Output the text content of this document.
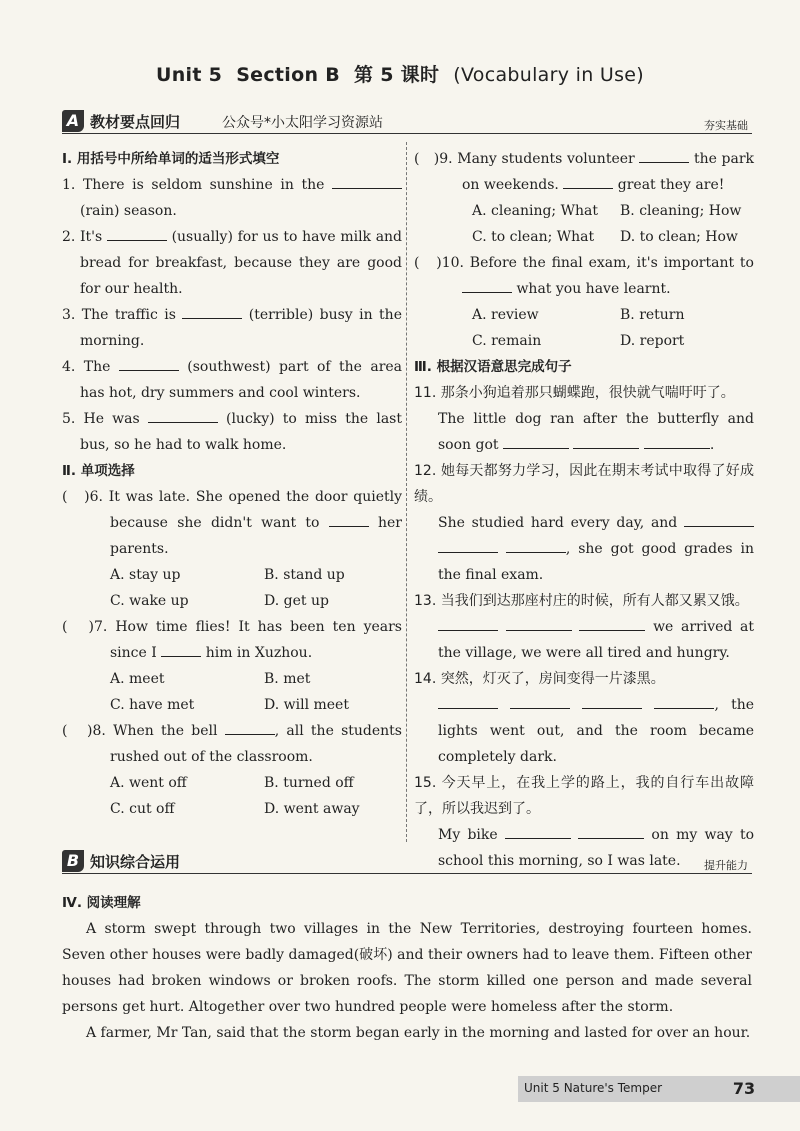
Unit 5 Section B 第 5 课时 (Vocabulary in Use)
A 教材要点回归	公众号*小太阳学习资源站	夯实基础
Ⅰ. 用括号中所给单词的适当形式填空
1. There is seldom sunshine in the  (rain) season.
2. It's	(usually) for us to have milk and bread for breakfast, because they are good for our health.
3. The traffic is	(terrible) busy in the morning.
4. The	(southwest) part of the area has hot, dry summers and cool winters.
5. He was	(lucky) to miss the last bus, so he had to walk home.
Ⅱ. 单项选择
(　)6. It was late. She opened the door quietly because she didn't want to	her parents.
A. stay up	B. stand up
C. wake up	D. get up
(　)7. How time flies! It has been ten years since I	him in Xuzhou.
A. meet	B. met
C. have met	D. will meet
(　)8. When the bell	, all the students rushed out of the classroom.
A. went off	B. turned off
C. cut off	D. went away
(　)9. Many students volunteer	the park on weekends.	great they are!
A. cleaning; What	B. cleaning; How
C. to clean; What	D. to clean; How
(　)10. Before the final exam, it's important to  what you have learnt.
A. review	B. return
C. remain	D. report
Ⅲ. 根据汉语意思完成句子
11. 那条小狗追着那只蝴蝶跑，很快就气喘吁吁了。
The little dog ran after the butterfly and soon got	.
12. 她每天都努力学习，因此在期末考试中取得了好成绩。
She studied hard every day, and   , she got good grades in the final exam.
13. 当我们到达那座村庄的时候，所有人都又累又饿。
we arrived at the village, we were all tired and hungry.
14. 突然，灯灭了，房间变得一片漆黑。
, the lights went out, and the room became completely dark.
15. 今天早上，在我上学的路上，我的自行车出故障了，所以我迟到了。
My bike	on my way to school this morning, so I was late.
B 知识综合运用	提升能力
Ⅳ. 阅读理解

A storm swept through two villages in the New Territories, destroying fourteen homes. Seven other houses were badly damaged(破坏) and their owners had to leave them. Fifteen other houses had broken windows or broken roofs. The storm killed one person and made several persons get hurt. Altogether over two hundred people were homeless after the storm.

A farmer, Mr Tan, said that the storm began early in the morning and lasted for over an hour.

Unit 5 Nature's Temper	73
